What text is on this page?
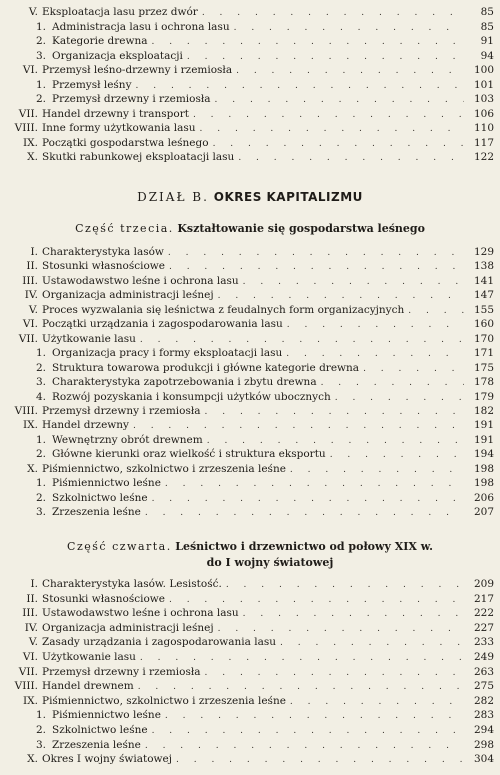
V. Eksploatacja lasu przez dwór . . .	85
1. Administracja lasu i ochrona lasu . . .	85
2. Kategorie drewna . . .	91
3. Organizacja eksploatacji . . .	94
VI. Przemysł leśno-drzewny i rzemiosła . . .	100
1. Przemysł leśny . . .	101
2. Przemysł drzewny i rzemiosła . . .	103
VII. Handel drzewny i transport . . .	106
VIII. Inne formy użytkowania lasu . . .	110
IX. Początki gospodarstwa leśnego . . .	117
X. Skutki rabunkowej eksploatacji lasu . . .	122
DZIAŁ B. OKRES KAPITALIZMU
Część trzecia. Kształtowanie się gospodarstwa leśnego
I. Charakterystyka lasów . . .	129
II. Stosunki własnościowe . . .	138
III. Ustawodawstwo leśne i ochrona lasu . . .	141
IV. Organizacja administracji leśnej . . .	147
V. Proces wyzwalania się leśnictwa z feudalnych form organizacyjnych . . .	155
VI. Początki urządzania i zagospodarowania lasu . . .	160
VII. Użytkowanie lasu . . .	170
1. Organizacja pracy i formy eksploatacji lasu . . .	171
2. Struktura towarowa produkcji i główne kategorie drewna . . .	175
3. Charakterystyka zapotrzebowania i zbytu drewna . . .	178
4. Rozwój pozyskania i konsumpcji użytków ubocznych . . .	179
VIII. Przemysł drzewny i rzemiosła . . .	182
IX. Handel drzewny . . .	191
1. Wewnętrzny obrót drewnem . . .	191
2. Główne kierunki oraz wielkość i struktura eksportu . . .	194
X. Piśmiennictwo, szkolnictwo i zrzeszenia leśne . . .	198
1. Piśmiennictwo leśne . . .	198
2. Szkolnictwo leśne . . .	206
3. Zrzeszenia leśne . . .	207
Część czwarta. Leśnictwo i drzewnictwo od połowy XIX w.
do I wojny światowej
I. Charakterystyka lasów. Lesistość. . . .	209
II. Stosunki własnościowe . . .	217
III. Ustawodawstwo leśne i ochrona lasu . . .	222
IV. Organizacja administracji leśnej . . .	227
V. Zasady urządzania i zagospodarowania lasu . . .	233
VI. Użytkowanie lasu . . .	249
VII. Przemysł drzewny i rzemiosła . . .	263
VIII. Handel drewnem . . .	275
IX. Piśmiennictwo, szkolnictwo i zrzeszenia leśne . . .	282
1. Piśmiennictwo leśne . . .	283
2. Szkolnictwo leśne . . .	294
3. Zrzeszenia leśne . . .	298
X. Okres I wojny światowej . . .	304
